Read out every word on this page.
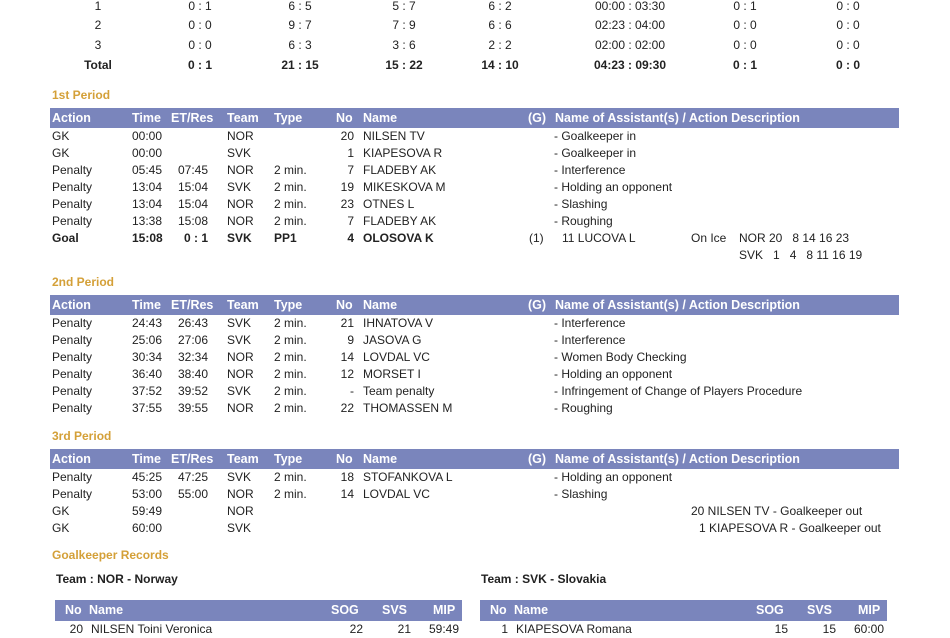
1	0 : 1	6 : 5	5 : 7	6 : 2	00:00 : 03:30	0 : 1	0 : 0
2	0 : 0	9 : 7	7 : 9	6 : 6	02:23 : 04:00	0 : 0	0 : 0
3	0 : 0	6 : 3	3 : 6	2 : 2	02:00 : 02:00	0 : 0	0 : 0
Total	0 : 1	21 : 15	15 : 22	14 : 10	04:23 : 09:30	0 : 1	0 : 0
1st Period
Action	Time ET/Res Team Type	No Name	(G) Name of Assistant(s) / Action Description
GK	00:00	NOR	20 NILSEN TV	- Goalkeeper in
GK	00:00	SVK	1 KIAPESOVA R	- Goalkeeper in
Penalty	05:45 07:45	NOR 2 min.	7 FLADEBY AK	- Interference
Penalty	13:04 15:04	SVK 2 min.	19 MIKESKOVA M	- Holding an opponent
Penalty	13:04 15:04	NOR 2 min.	23 OTNES L	- Slashing
Penalty	13:38 15:08	NOR 2 min.	7 FLADEBY AK	- Roughing
Goal	15:08 0 : 1	SVK PP1	4 OLOSOVA K	(1) 11 LUCOVA L	On Ice NOR 20   8 14 16 23
SVK   1   4   8 11 16 19
2nd Period
Action	Time ET/Res Team Type	No Name	(G) Name of Assistant(s) / Action Description
Penalty	24:43 26:43	SVK 2 min.	21 IHNATOVA V	- Interference
Penalty	25:06 27:06	SVK 2 min.	9 JASOVA G	- Interference
Penalty	30:34 32:34	NOR 2 min.	14 LOVDAL VC	- Women Body Checking
Penalty	36:40 38:40	NOR 2 min.	12 MORSET I	- Holding an opponent
Penalty	37:52 39:52	SVK 2 min.	- Team penalty	- Infringement of Change of Players Procedure
Penalty	37:55 39:55	NOR 2 min.	22 THOMASSEN M	- Roughing
3rd Period
Action	Time ET/Res Team Type	No Name	(G) Name of Assistant(s) / Action Description
Penalty	45:25 47:25	SVK 2 min.	18 STOFANKOVA L	- Holding an opponent
Penalty	53:00 55:00	NOR 2 min.	14 LOVDAL VC	- Slashing
GK	59:49	NOR	20 NILSEN TV - Goalkeeper out
GK	60:00	SVK	1 KIAPESOVA R - Goalkeeper out
Goalkeeper Records
Team : NOR - Norway
No Name	SOG SVS MIP
20 NILSEN Toini Veronica	22	21	59:49
Team : SVK - Slovakia
No Name	SOG SVS MIP
1 KIAPESOVA Romana	15	15	60:00
